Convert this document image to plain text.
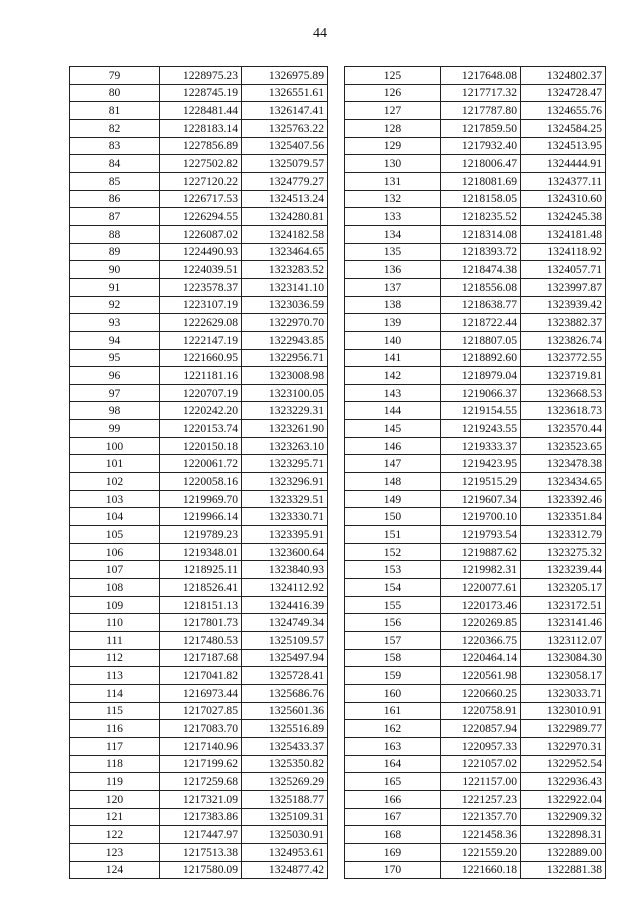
44
79	1228975.23	1326975.89
80	1228745.19	1326551.61
81	1228481.44	1326147.41
82	1228183.14	1325763.22
83	1227856.89	1325407.56
84	1227502.82	1325079.57
85	1227120.22	1324779.27
86	1226717.53	1324513.24
87	1226294.55	1324280.81
88	1226087.02	1324182.58
89	1224490.93	1323464.65
90	1224039.51	1323283.52
91	1223578.37	1323141.10
92	1223107.19	1323036.59
93	1222629.08	1322970.70
94	1222147.19	1322943.85
95	1221660.95	1322956.71
96	1221181.16	1323008.98
97	1220707.19	1323100.05
98	1220242.20	1323229.31
99	1220153.74	1323261.90
100	1220150.18	1323263.10
101	1220061.72	1323295.71
102	1220058.16	1323296.91
103	1219969.70	1323329.51
104	1219966.14	1323330.71
105	1219789.23	1323395.91
106	1219348.01	1323600.64
107	1218925.11	1323840.93
108	1218526.41	1324112.92
109	1218151.13	1324416.39
110	1217801.73	1324749.34
111	1217480.53	1325109.57
112	1217187.68	1325497.94
113	1217041.82	1325728.41
114	1216973.44	1325686.76
115	1217027.85	1325601.36
116	1217083.70	1325516.89
117	1217140.96	1325433.37
118	1217199.62	1325350.82
119	1217259.68	1325269.29
120	1217321.09	1325188.77
121	1217383.86	1325109.31
122	1217447.97	1325030.91
123	1217513.38	1324953.61
124	1217580.09	1324877.42
125	1217648.08	1324802.37
126	1217717.32	1324728.47
127	1217787.80	1324655.76
128	1217859.50	1324584.25
129	1217932.40	1324513.95
130	1218006.47	1324444.91
131	1218081.69	1324377.11
132	1218158.05	1324310.60
133	1218235.52	1324245.38
134	1218314.08	1324181.48
135	1218393.72	1324118.92
136	1218474.38	1324057.71
137	1218556.08	1323997.87
138	1218638.77	1323939.42
139	1218722.44	1323882.37
140	1218807.05	1323826.74
141	1218892.60	1323772.55
142	1218979.04	1323719.81
143	1219066.37	1323668.53
144	1219154.55	1323618.73
145	1219243.55	1323570.44
146	1219333.37	1323523.65
147	1219423.95	1323478.38
148	1219515.29	1323434.65
149	1219607.34	1323392.46
150	1219700.10	1323351.84
151	1219793.54	1323312.79
152	1219887.62	1323275.32
153	1219982.31	1323239.44
154	1220077.61	1323205.17
155	1220173.46	1323172.51
156	1220269.85	1323141.46
157	1220366.75	1323112.07
158	1220464.14	1323084.30
159	1220561.98	1323058.17
160	1220660.25	1323033.71
161	1220758.91	1323010.91
162	1220857.94	1322989.77
163	1220957.33	1322970.31
164	1221057.02	1322952.54
165	1221157.00	1322936.43
166	1221257.23	1322922.04
167	1221357.70	1322909.32
168	1221458.36	1322898.31
169	1221559.20	1322889.00
170	1221660.18	1322881.38
